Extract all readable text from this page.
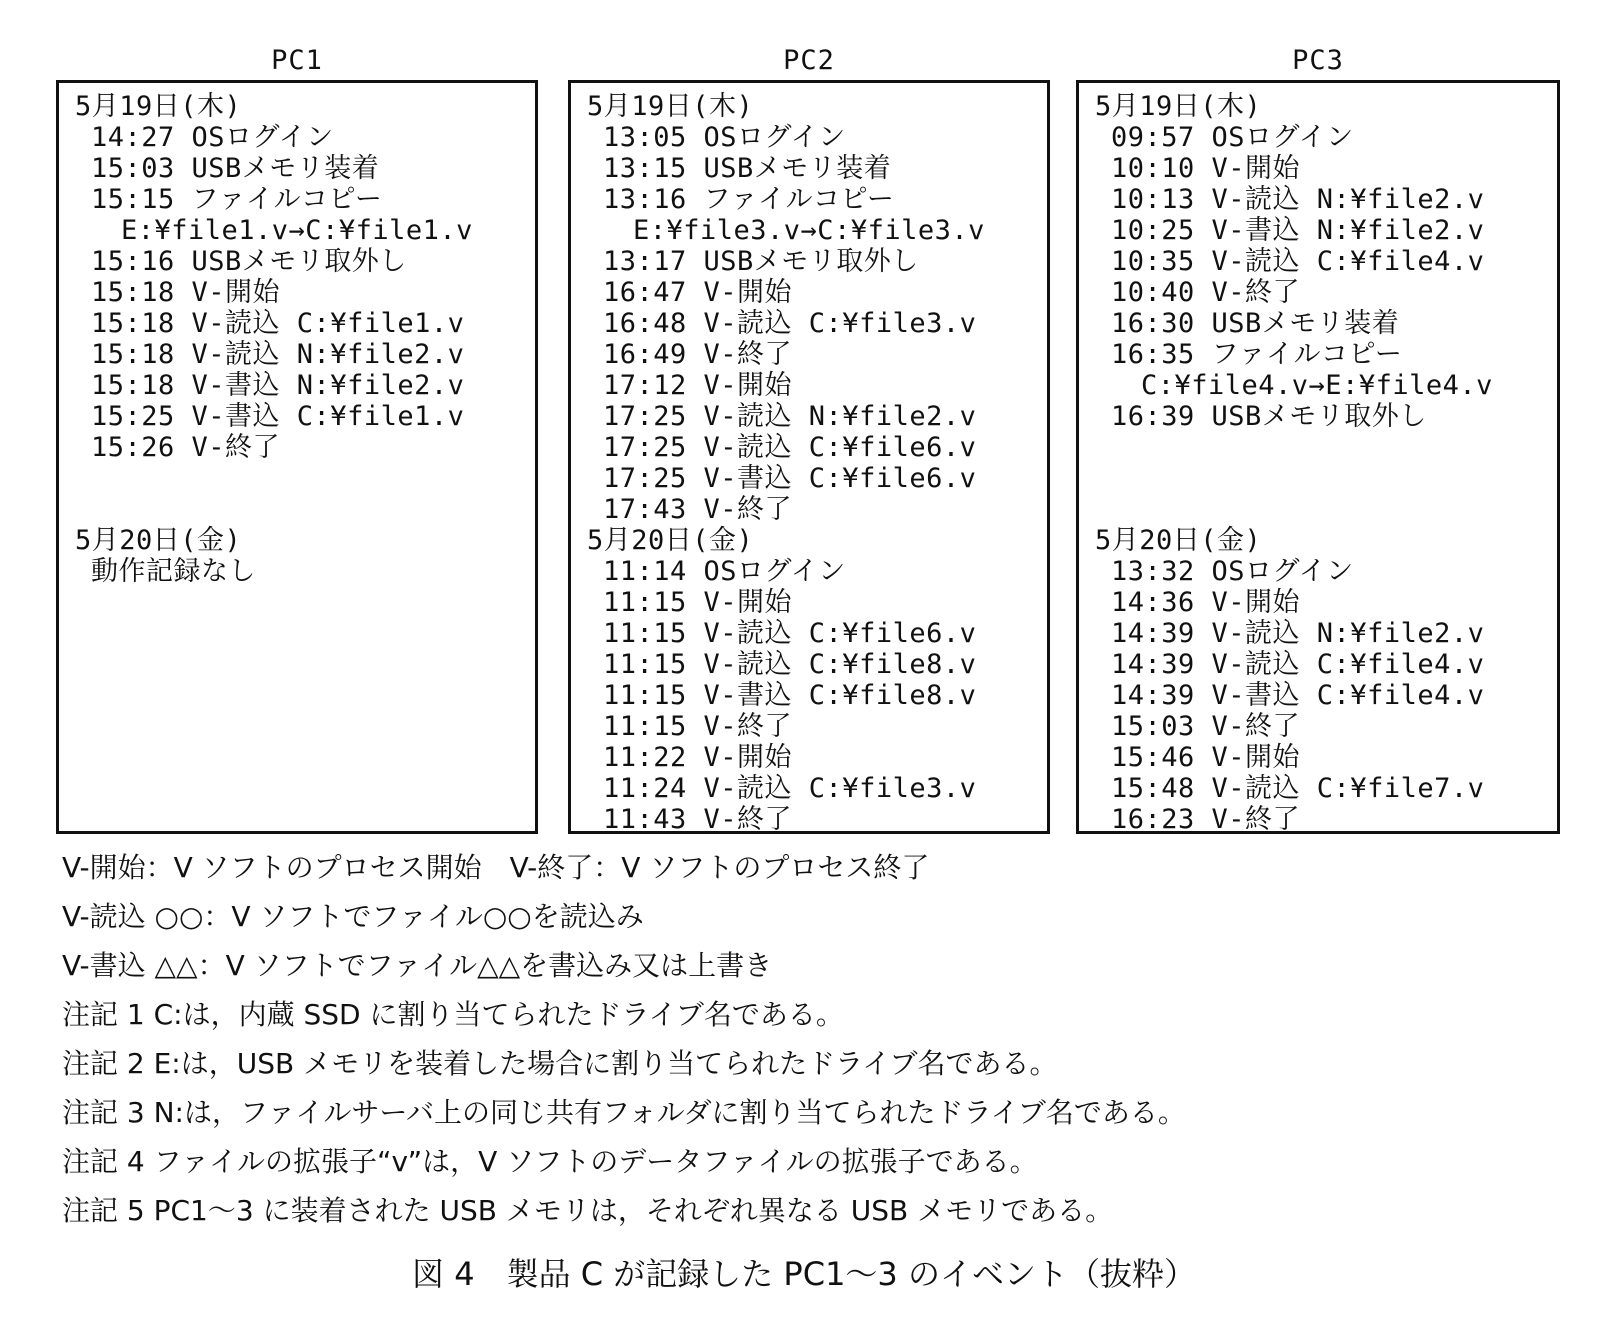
PC1	PC2	PC3
5月19日(木)
14:27 OSログイン
15:03 USBメモリ装着
15:15 ファイルコピー
E:¥file1.v→C:¥file1.v
15:16 USBメモリ取外し
15:18 V-開始
15:18 V-読込 C:¥file1.v
15:18 V-読込 N:¥file2.v
15:18 V-書込 N:¥file2.v
15:25 V-書込 C:¥file1.v
15:26 V-終了
5月20日(金)
動作記録なし
5月19日(木)
13:05 OSログイン
13:15 USBメモリ装着
13:16 ファイルコピー
E:¥file3.v→C:¥file3.v
13:17 USBメモリ取外し
16:47 V-開始
16:48 V-読込 C:¥file3.v
16:49 V-終了
17:12 V-開始
17:25 V-読込 N:¥file2.v
17:25 V-読込 C:¥file6.v
17:25 V-書込 C:¥file6.v
17:43 V-終了
5月20日(金)
11:14 OSログイン
11:15 V-開始
11:15 V-読込 C:¥file6.v
11:15 V-読込 C:¥file8.v
11:15 V-書込 C:¥file8.v
11:15 V-終了
11:22 V-開始
11:24 V-読込 C:¥file3.v
11:43 V-終了
5月19日(木)
09:57 OSログイン
10:10 V-開始
10:13 V-読込 N:¥file2.v
10:25 V-書込 N:¥file2.v
10:35 V-読込 C:¥file4.v
10:40 V-終了
16:30 USBメモリ装着
16:35 ファイルコピー
C:¥file4.v→E:¥file4.v
16:39 USBメモリ取外し
5月20日(金)
13:32 OSログイン
14:36 V-開始
14:39 V-読込 N:¥file2.v
14:39 V-読込 C:¥file4.v
14:39 V-書込 C:¥file4.v
15:03 V-終了
15:46 V-開始
15:48 V-読込 C:¥file7.v
16:23 V-終了
V-開始：V ソフトのプロセス開始　V-終了：V ソフトのプロセス終了
V-読込 ○○：V ソフトでファイル○○を読込み
V-書込 △△：V ソフトでファイル△△を書込み又は上書き
注記 1 C:は，内蔵 SSD に割り当てられたドライブ名である。
注記 2 E:は，USB メモリを装着した場合に割り当てられたドライブ名である。
注記 3 N:は，ファイルサーバ上の同じ共有フォルダに割り当てられたドライブ名である。
注記 4 ファイルの拡張子“v”は，V ソフトのデータファイルの拡張子である。
注記 5 PC1～3 に装着された USB メモリは，それぞれ異なる USB メモリである。
図 4　製品 C が記録した PC1～3 のイベント（抜粋）
